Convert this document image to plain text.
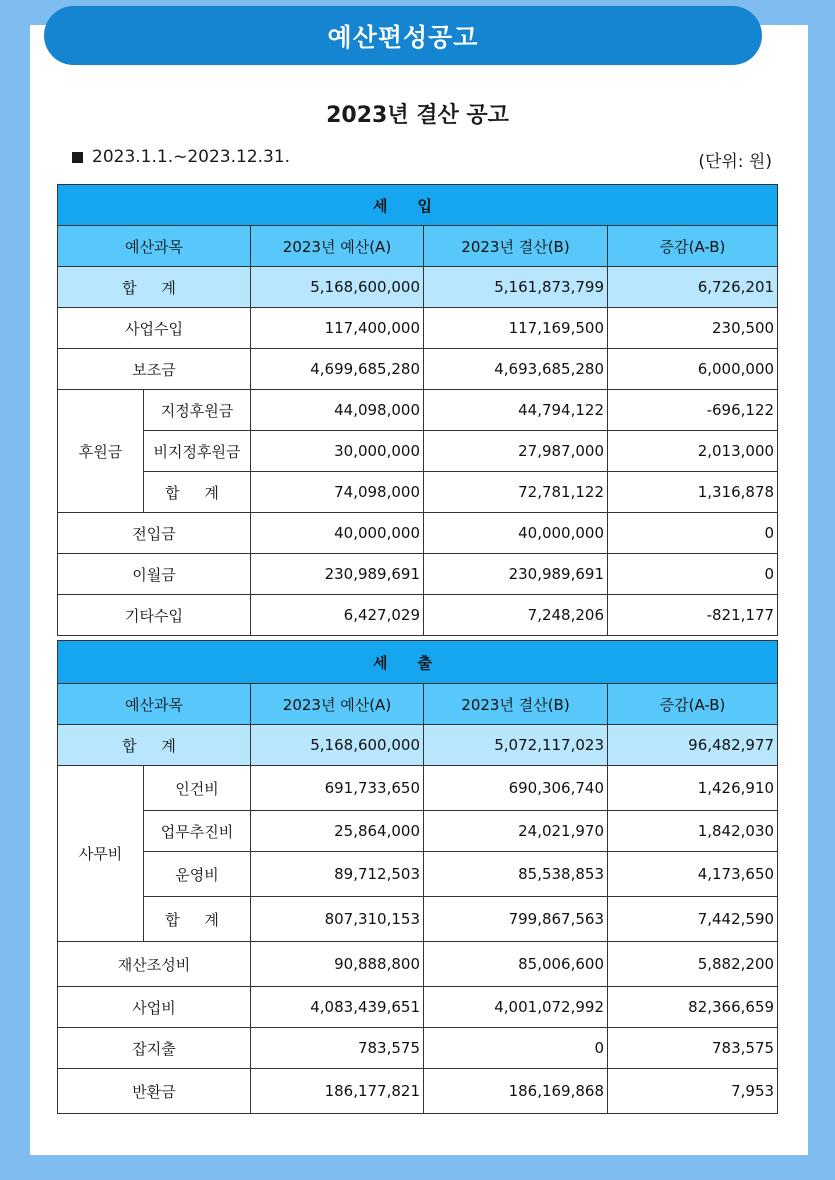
예산편성공고
2023년 결산 공고
2023.1.1.~2023.12.31.	(단위: 원)
세입				
예산과목		2023년 예산(A)	2023년 결산(B)	증감(A-B)
합 계		5,168,600,000	5,161,873,799	6,726,201
사업수입		117,400,000	117,169,500	230,500
보조금		4,699,685,280	4,693,685,280	6,000,000
후원금	지정후원금	44,098,000	44,794,122	-696,122
	비지정후원금	30,000,000	27,987,000	2,013,000
	합 계	74,098,000	72,781,122	1,316,878
전입금		40,000,000	40,000,000	0
이월금		230,989,691	230,989,691	0
기타수입		6,427,029	7,248,206	-821,177
세출				
예산과목		2023년 예산(A)	2023년 결산(B)	증감(A-B)
합 계		5,168,600,000	5,072,117,023	96,482,977
사무비	인건비	691,733,650	690,306,740	1,426,910
	업무추진비	25,864,000	24,021,970	1,842,030
	운영비	89,712,503	85,538,853	4,173,650
	합 계	807,310,153	799,867,563	7,442,590
재산조성비		90,888,800	85,006,600	5,882,200
사업비		4,083,439,651	4,001,072,992	82,366,659
잡지출		783,575	0	783,575
반환금		186,177,821	186,169,868	7,953
